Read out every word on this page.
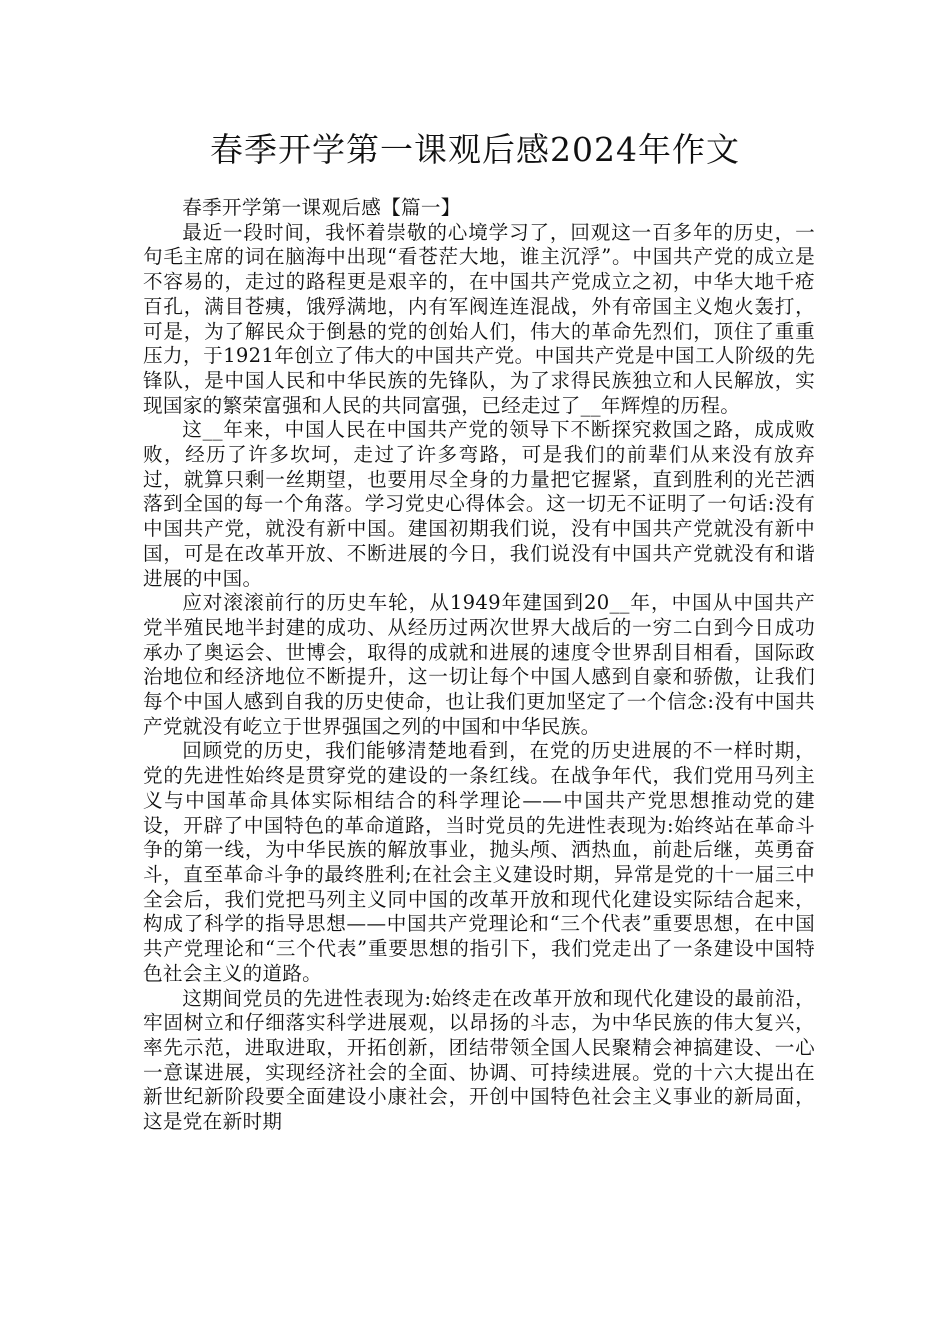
春季开学第一课观后感2024年作文

春季开学第一课观后感【篇一】

最近一段时间，我怀着崇敬的心境学习了，回观这一百多年的历史，一句毛主席的词在脑海中出现“看苍茫大地，谁主沉浮”。中国共产党的成立是不容易的，走过的路程更是艰辛的，在中国共产党成立之初，中华大地千疮百孔，满目苍痍，饿殍满地，内有军阀连连混战，外有帝国主义炮火轰打，可是，为了解民众于倒悬的党的创始人们，伟大的革命先烈们，顶住了重重压力，于1921年创立了伟大的中国共产党。中国共产党是中国工人阶级的先锋队，是中国人民和中华民族的先锋队，为了求得民族独立和人民解放，实现国家的繁荣富强和人民的共同富强，已经走过了__年辉煌的历程。

这__年来，中国人民在中国共产党的领导下不断探究救国之路，成成败败，经历了许多坎坷，走过了许多弯路，可是我们的前辈们从来没有放弃过，就算只剩一丝期望，也要用尽全身的力量把它握紧，直到胜利的光芒洒落到全国的每一个角落。学习党史心得体会。这一切无不证明了一句话:没有中国共产党，就没有新中国。建国初期我们说，没有中国共产党就没有新中国，可是在改革开放、不断进展的今日，我们说没有中国共产党就没有和谐进展的中国。

应对滚滚前行的历史车轮，从1949年建国到20__年，中国从中国共产党半殖民地半封建的成功、从经历过两次世界大战后的一穷二白到今日成功承办了奥运会、世博会，取得的成就和进展的速度令世界刮目相看，国际政治地位和经济地位不断提升，这一切让每个中国人感到自豪和骄傲，让我们每个中国人感到自我的历史使命，也让我们更加坚定了一个信念:没有中国共产党就没有屹立于世界强国之列的中国和中华民族。

回顾党的历史，我们能够清楚地看到，在党的历史进展的不一样时期，党的先进性始终是贯穿党的建设的一条红线。在战争年代，我们党用马列主义与中国革命具体实际相结合的科学理论——中国共产党思想推动党的建设，开辟了中国特色的革命道路，当时党员的先进性表现为:始终站在革命斗争的第一线，为中华民族的解放事业，抛头颅、洒热血，前赴后继，英勇奋斗，直至革命斗争的最终胜利;在社会主义建设时期，异常是党的十一届三中全会后，我们党把马列主义同中国的改革开放和现代化建设实际结合起来，构成了科学的指导思想——中国共产党理论和“三个代表”重要思想，在中国共产党理论和“三个代表”重要思想的指引下，我们党走出了一条建设中国特色社会主义的道路。

这期间党员的先进性表现为:始终走在改革开放和现代化建设的最前沿，牢固树立和仔细落实科学进展观，以昂扬的斗志，为中华民族的伟大复兴，率先示范，进取进取，开拓创新，团结带领全国人民聚精会神搞建设、一心一意谋进展，实现经济社会的全面、协调、可持续进展。党的十六大提出在新世纪新阶段要全面建设小康社会，开创中国特色社会主义事业的新局面，这是党在新时期
